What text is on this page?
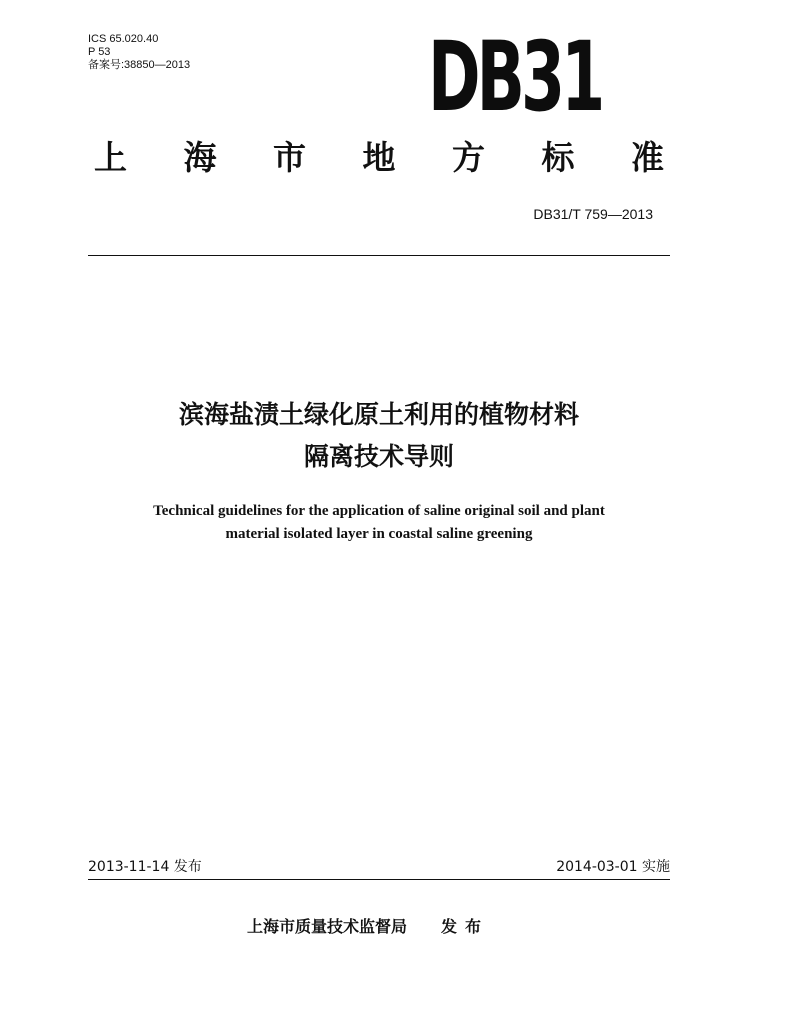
ICS 65.020.40
P 53
备案号:38850—2013 DB31
上 海 市 地 方 标 准
DB31/T 759—2013
滨海盐渍土绿化原土利用的植物材料
隔离技术导则
Technical guidelines for the application of saline original soil and plant
material isolated layer in coastal saline greening
2013-11-14 发布	2014-03-01 实施
上海市质量技术监督局 发布
